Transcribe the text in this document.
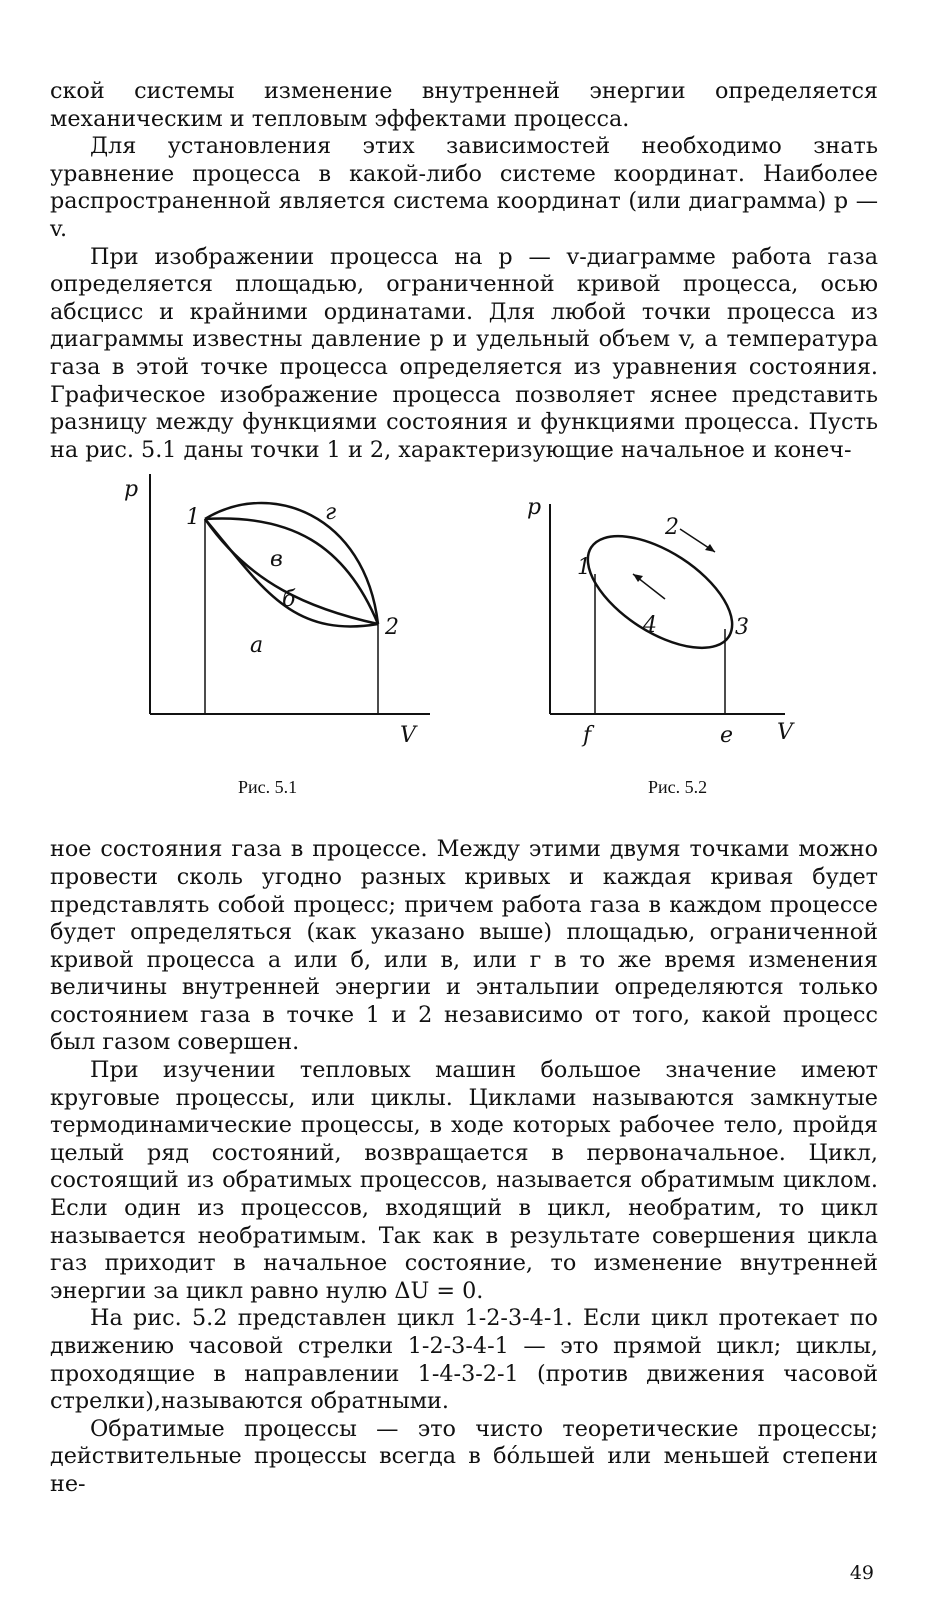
ской системы изменение внутренней энергии определяется механическим и тепловым эффектами процесса.

Для установления этих зависимостей необходимо знать уравнение процесса в какой-либо системе координат. Наиболее распространенной является система координат (или диаграмма) p — v.

При изображении процесса на p — v-диаграмме работа газа определяется площадью, ограниченной кривой процесса, осью абсцисс и крайними ординатами. Для любой точки процесса из диаграммы известны давление p и удельный объем v, а температура газа в этой точке процесса определяется из уравнения состояния. Графическое изображение процесса позволяет яснее представить разницу между функциями состояния и функциями процесса. Пусть на рис. 5.1 даны точки 1 и 2, характеризующие начальное и конеч-

p
V
1
2
а
б
в
г
Рис. 5.1
p
V
1
2
3
4
f	e
Рис. 5.2

ное состояния газа в процессе. Между этими двумя точками можно провести сколь угодно разных кривых и каждая кривая будет представлять собой процесс; причем работа газа в каждом процессе будет определяться (как указано выше) площадью, ограниченной кривой процесса а или б, или в, или г в то же время изменения величины внутренней энергии и энтальпии определяются только состоянием газа в точке 1 и 2 независимо от того, какой процесс был газом совершен.

При изучении тепловых машин большое значение имеют круговые процессы, или циклы. Циклами называются замкнутые термодинамические процессы, в ходе которых рабочее тело, пройдя целый ряд состояний, возвращается в первоначальное. Цикл, состоящий из обратимых процессов, называется обратимым циклом. Если один из процессов, входящий в цикл, необратим, то цикл называется необратимым. Так как в результате совершения цикла газ приходит в начальное состояние, то изменение внутренней энергии за цикл равно нулю ΔU = 0.

На рис. 5.2 представлен цикл 1-2-3-4-1. Если цикл протекает по движению часовой стрелки 1-2-3-4-1 — это прямой цикл; циклы, проходящие в направлении 1-4-3-2-1 (против движения часовой стрелки),называются обратными.

Обратимые процессы — это чисто теоретические процессы; действительные процессы всегда в бóльшей или меньшей степени не-

49
